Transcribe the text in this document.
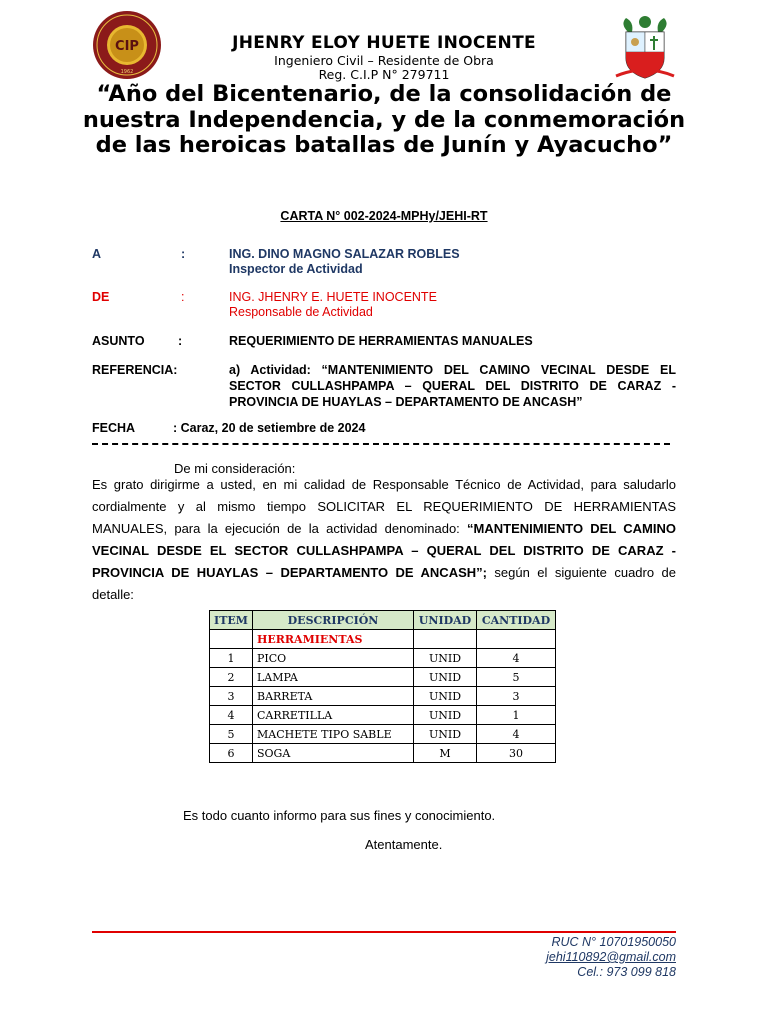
CIP
1962
JHENRY ELOY HUETE INOCENTE
Ingeniero Civil – Residente de Obra
Reg. C.I.P N° 279711
“Año del Bicentenario, de la consolidación de nuestra Independencia, y de la conmemoración de las heroicas batallas de Junín y Ayacucho”
CARTA N° 002-2024-MPHy/JEHI-RT
A	:	ING. DINO MAGNO SALAZAR ROBLES
Inspector de Actividad
DE	:	ING. JHENRY E. HUETE INOCENTE
Responsable de Actividad
ASUNTO	:	REQUERIMIENTO DE HERRAMIENTAS MANUALES
REFERENCIA:	a) Actividad: “MANTENIMIENTO DEL CAMINO VECINAL DESDE EL SECTOR CULLASHPAMPA – QUERAL DEL DISTRITO DE CARAZ - PROVINCIA DE HUAYLAS – DEPARTAMENTO DE ANCASH”
FECHA	: Caraz, 20 de setiembre de 2024
De mi consideración:
Es grato dirigirme a usted, en mi calidad de Responsable Técnico de Actividad, para saludarlo cordialmente y al mismo tiempo SOLICITAR EL REQUERIMIENTO DE HERRAMIENTAS MANUALES, para la ejecución de la actividad denominado: “MANTENIMIENTO DEL CAMINO VECINAL DESDE EL SECTOR CULLASHPAMPA – QUERAL DEL DISTRITO DE CARAZ - PROVINCIA DE HUAYLAS – DEPARTAMENTO DE ANCASH”; según el siguiente cuadro de detalle:
ITEM	DESCRIPCIÓN	UNIDAD	CANTIDAD
	HERRAMIENTAS		
1	PICO	UNID	4
2	LAMPA	UNID	5
3	BARRETA	UNID	3
4	CARRETILLA	UNID	1
5	MACHETE TIPO SABLE	UNID	4
6	SOGA	M	30
Es todo cuanto informo para sus fines y conocimiento.
Atentamente.
RUC N° 10701950050
jehi110892@gmail.com
Cel.: 973 099 818
